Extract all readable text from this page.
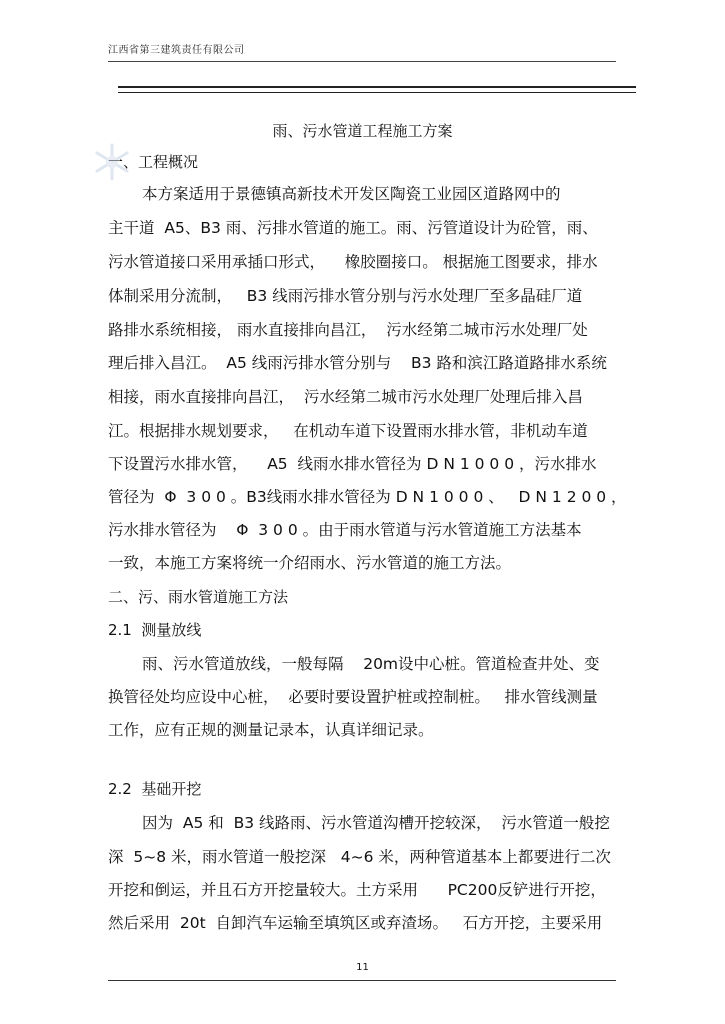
江西省第三建筑责任有限公司
雨、污水管道工程施工方案
一、工程概况
本方案适用于景德镇高新技术开发区陶瓷工业园区道路网中的
主干道  A5、B3 雨、污排水管道的施工。雨、污管道设计为砼管，雨、
污水管道接口采用承插口形式，    橡胶圈接口。 根据施工图要求，排水
体制采用分流制，   B3 线雨污排水管分别与污水处理厂至多晶硅厂道
路排水系统相接， 雨水直接排向昌江，  污水经第二城市污水处理厂处
理后排入昌江。  A5 线雨污排水管分别与    B3 路和滨江路道路排水系统
相接，雨水直接排向昌江，  污水经第二城市污水处理厂处理后排入昌
江。根据排水规划要求，   在机动车道下设置雨水排水管，非机动车道
下设置污水排水管，    A5  线雨水排水管径为 D N 1 0 0 0 ，污水排水
管径为  Φ  3 0 0 。B3线雨水排水管径为 D N 1 0 0 0 、   D N 1 2 0 0 ，
污水排水管径为    Φ  3 0 0 。由于雨水管道与污水管道施工方法基本
一致，本施工方案将统一介绍雨水、污水管道的施工方法。
二、污、雨水管道施工方法
2.1  测量放线
雨、污水管道放线，一般每隔    20m设中心桩。管道检查井处、变
换管径处均应设中心桩，  必要时要设置护桩或控制桩。   排水管线测量
工作，应有正规的测量记录本，认真详细记录。
2.2  基础开挖
因为  A5 和  B3 线路雨、污水管道沟槽开挖较深，  污水管道一般挖
深  5~8 米，雨水管道一般挖深   4~6 米，两种管道基本上都要进行二次
开挖和倒运，并且石方开挖量较大。土方采用      PC200反铲进行开挖，
然后采用  20t  自卸汽车运输至填筑区或弃渣场。   石方开挖，主要采用
11
